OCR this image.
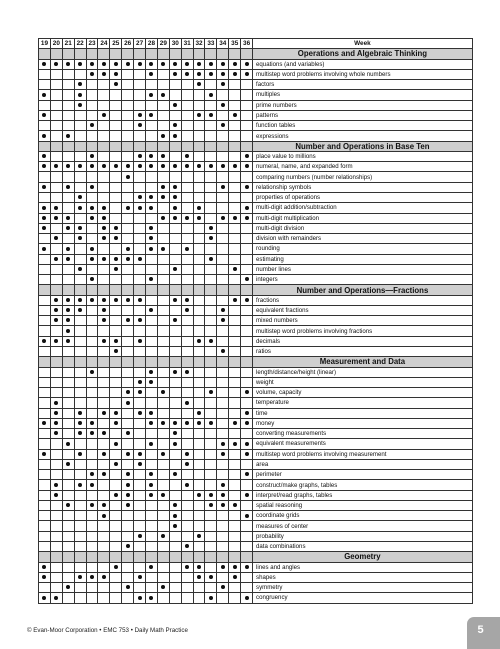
19	20	21	22	23	24	25	26	27	28	29	30	31	32	33	34	35	36	Week
																		Operations and Algebraic Thinking
																		equations (and variables)
																		multistep word problems involving whole numbers
																		factors
																		multiples
																		prime numbers
																		patterns
																		function tables
																		expressions
																		Number and Operations in Base Ten
																		place value to millions
																		numeral, name, and expanded form
																		comparing numbers (number relationships)
																		relationship symbols
																		properties of operations
																		multi-digit addition/subtraction
																		multi-digit multiplication
																		multi-digit division
																		division with remainders
																		rounding
																		estimating
																		number lines
																		integers
																		Number and Operations—Fractions
																		fractions
																		equivalent fractions
																		mixed numbers
																		multistep word problems involving fractions
																		decimals
																		ratios
																		Measurement and Data
																		length/distance/height (linear)
																		weight
																		volume, capacity
																		temperature
																		time
																		money
																		converting measurements
																		equivalent measurements
																		multistep word problems involving measurement
																		area
																		perimeter
																		construct/make graphs, tables
																		interpret/read graphs, tables
																		spatial reasoning
																		coordinate grids
																		measures of center
																		probability
																		data combinations
																		Geometry
																		lines and angles
																		shapes
																		symmetry
																		congruency
© Evan-Moor Corporation • EMC 753 • Daily Math Practice	5
